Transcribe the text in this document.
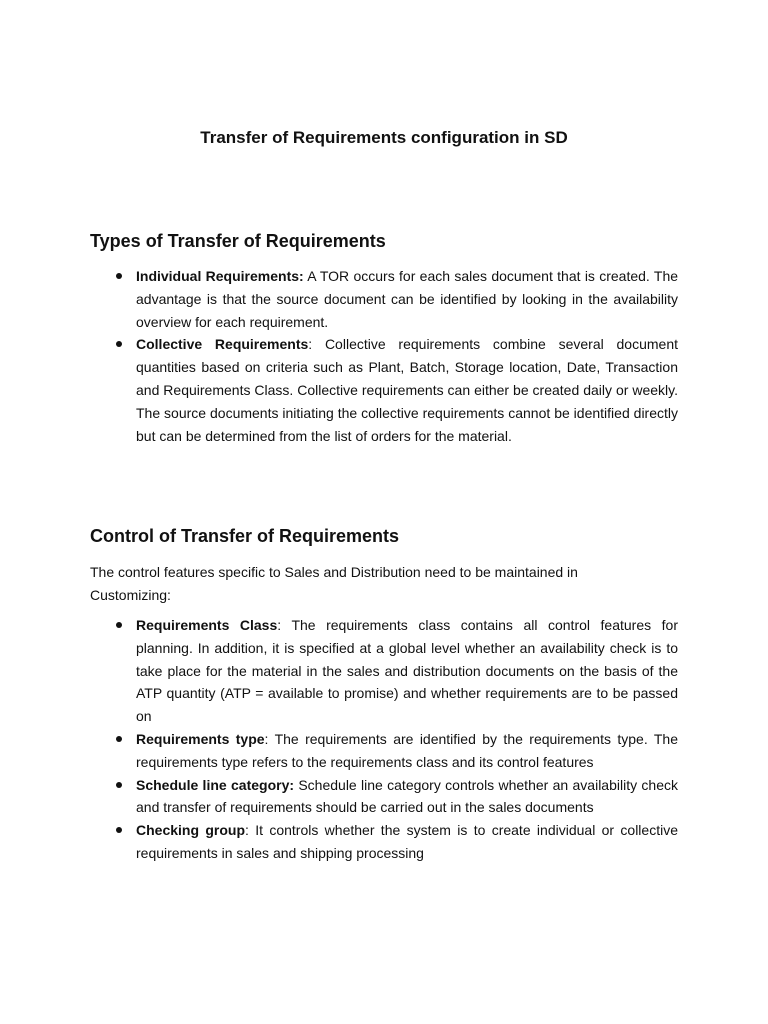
Transfer of Requirements configuration in SD
Types of Transfer of Requirements
Individual Requirements: A TOR occurs for each sales document that is created. The advantage is that the source document can be identified by looking in the availability overview for each requirement.
Collective Requirements: Collective requirements combine several document quantities based on criteria such as Plant, Batch, Storage location, Date, Transaction and Requirements Class. Collective requirements can either be created daily or weekly. The source documents initiating the collective requirements cannot be identified directly but can be determined from the list of orders for the material.
Control of Transfer of Requirements

The control features specific to Sales and Distribution need to be maintained in Customizing:

Requirements Class: The requirements class contains all control features for planning. In addition, it is specified at a global level whether an availability check is to take place for the material in the sales and distribution documents on the basis of the ATP quantity (ATP = available to promise) and whether requirements are to be passed on
Requirements type: The requirements are identified by the requirements type. The requirements type refers to the requirements class and its control features
Schedule line category: Schedule line category controls whether an availability check and transfer of requirements should be carried out in the sales documents
Checking group: It controls whether the system is to create individual or collective requirements in sales and shipping processing
